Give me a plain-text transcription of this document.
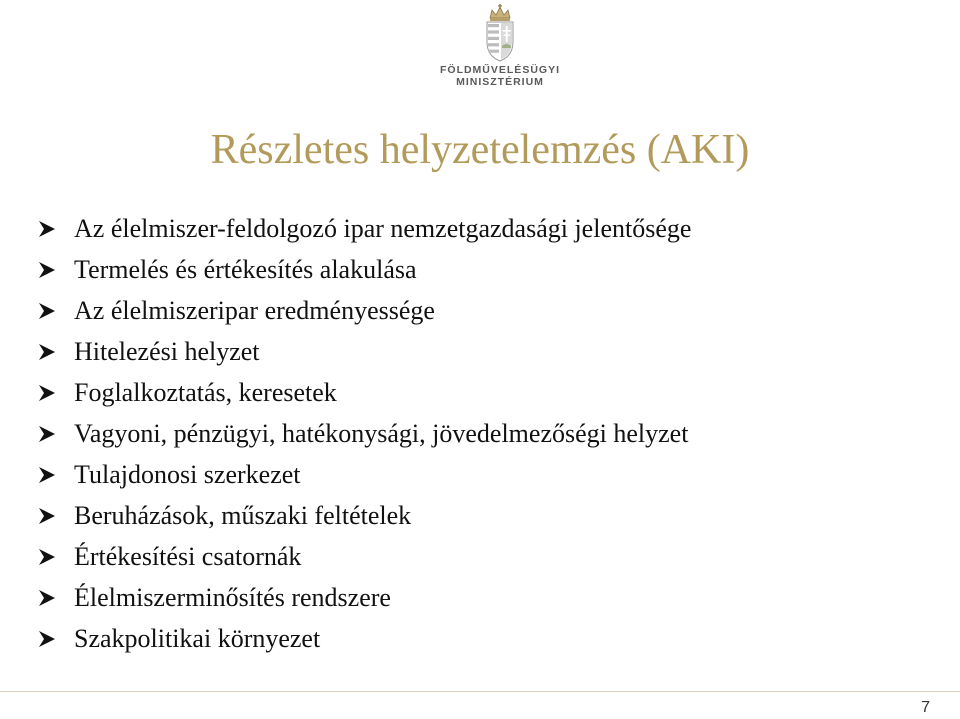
FÖLDMŰVELÉSÜGYI
MINISZTÉRIUM
Részletes helyzetelemzés (AKI)
Az élelmiszer-feldolgozó ipar nemzetgazdasági jelentősége
Termelés és értékesítés alakulása
Az élelmiszeripar eredményessége
Hitelezési helyzet
Foglalkoztatás, keresetek
Vagyoni, pénzügyi, hatékonysági, jövedelmezőségi helyzet
Tulajdonosi szerkezet
Beruházások, műszaki feltételek
Értékesítési csatornák
Élelmiszerminősítés rendszere
Szakpolitikai környezet
7
